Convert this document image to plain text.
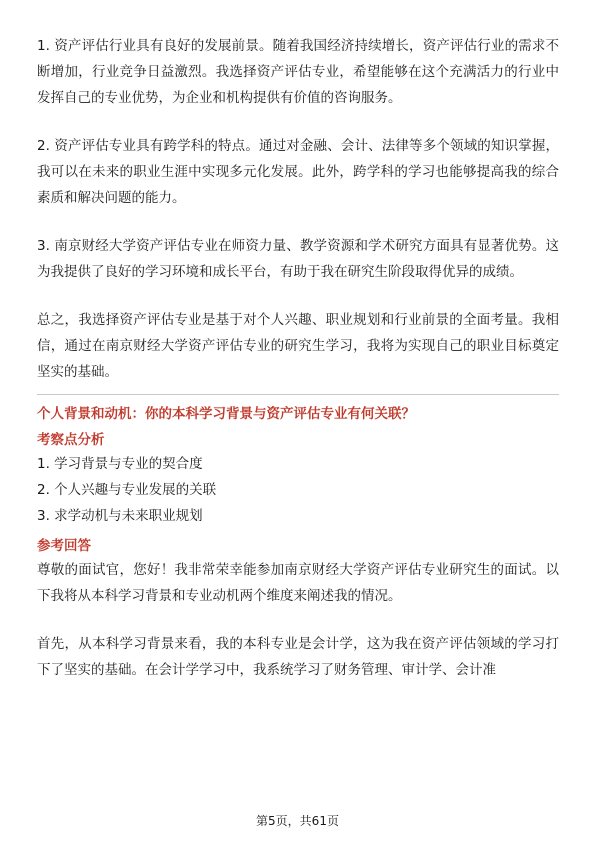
1. 资产评估行业具有良好的发展前景。随着我国经济持续增长，资产评估行业的需求不断增加，行业竞争日益激烈。我选择资产评估专业，希望能够在这个充满活力的行业中发挥自己的专业优势，为企业和机构提供有价值的咨询服务。

2. 资产评估专业具有跨学科的特点。通过对金融、会计、法律等多个领域的知识掌握，我可以在未来的职业生涯中实现多元化发展。此外，跨学科的学习也能够提高我的综合素质和解决问题的能力。

3. 南京财经大学资产评估专业在师资力量、教学资源和学术研究方面具有显著优势。这为我提供了良好的学习环境和成长平台，有助于我在研究生阶段取得优异的成绩。

总之，我选择资产评估专业是基于对个人兴趣、职业规划和行业前景的全面考量。我相信，通过在南京财经大学资产评估专业的研究生学习，我将为实现自己的职业目标奠定坚实的基础。

个人背景和动机：你的本科学习背景与资产评估专业有何关联？

考察点分析

1. 学习背景与专业的契合度

2. 个人兴趣与专业发展的关联

3. 求学动机与未来职业规划

参考回答

尊敬的面试官，您好！我非常荣幸能参加南京财经大学资产评估专业研究生的面试。以下我将从本科学习背景和专业动机两个维度来阐述我的情况。

首先，从本科学习背景来看，我的本科专业是会计学，这为我在资产评估领域的学习打下了坚实的基础。在会计学学习中，我系统学习了财务管理、审计学、会计准

第5页，共61页
